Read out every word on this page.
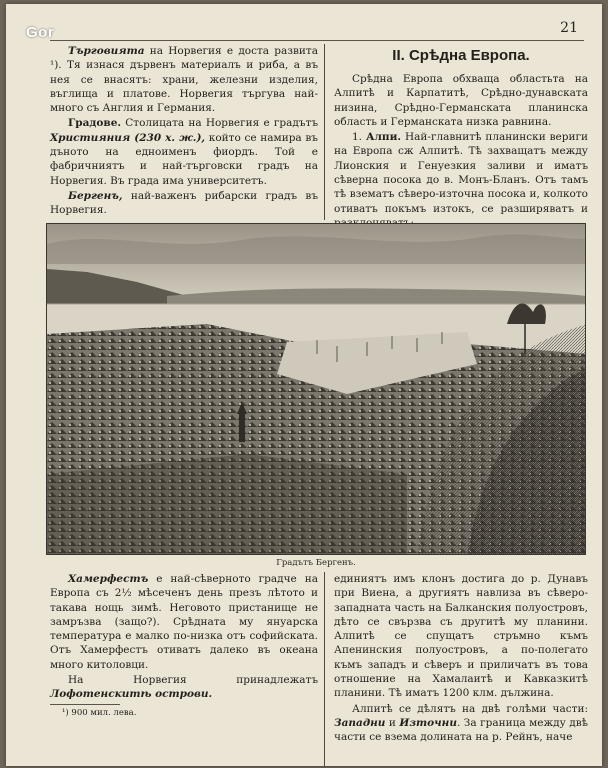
Gor	21

Търговията на Норвегия е доста развита ¹). Тя изнася дървенъ материалъ и риба, а въ нея се внасятъ: храни, железни изделия, въглища и платове. Норвегия търгува най-много съ Англия и Германия.

Градове. Столицата на Норвегия е градътъ Християния (230 х. ж.), който се намира въ дъното на едноименъ фиордъ. Той е фабричниятъ и най-търговски градъ на Норвегия. Въ града има университетъ.

Бергенъ, най-важенъ рибарски градъ въ Норвегия.

II. Срѣдна Европа.

Срѣдна Европа обхваща областьта на Алпитѣ и Карпатитѣ, Срѣдно-дунавската низина, Срѣдно-Германската планинска область и Германската низка равнина.

1. Алпи. Най-главнитѣ планински вериги на Европа сж Алпитѣ. Тѣ захващатъ между Лионския и Генуезкия заливи и иматъ сѣверна посока до в. Монъ-Бланъ. Отъ тамъ тѣ взематъ сѣверо-източна посока и, колкото отиватъ покъмъ изтокъ, се разширяватъ и

Градътъ Бергенъ.

Хамерфестъ е най-сѣверното градче на Европа съ 2½ мѣсеченъ день презъ лѣтото и такава нощь зимѣ. Неговото пристанище не замръзва (защо?). Срѣдната му януарска температура е малко по-низка отъ софийската. Отъ Хамерфестъ отиватъ далеко въ океана много китоловци.

На Норвегия принадлежатъ Лофотенскитѣ острови.

¹) 900 мил. лева.

единиятъ имъ клонъ достига до р. Дунавъ при Виена, а другиятъ навлиза въ сѣверо-западната часть на Балканския полуостровъ, дѣто се свързва съ другитѣ му планини. Алпитѣ се спущатъ стръмно къмъ Апенинския полуостровъ, а по-полегато къмъ западъ и сѣверъ и приличатъ въ това отношение на Хамалаитѣ и Кавказкитѣ планини. Тѣ иматъ 1200 клм. дължина.

Алпитѣ се дѣлятъ на двѣ голѣми части: Западни и Източни. За граница между двѣ части се взема долината на р. Рейнъ, наче
